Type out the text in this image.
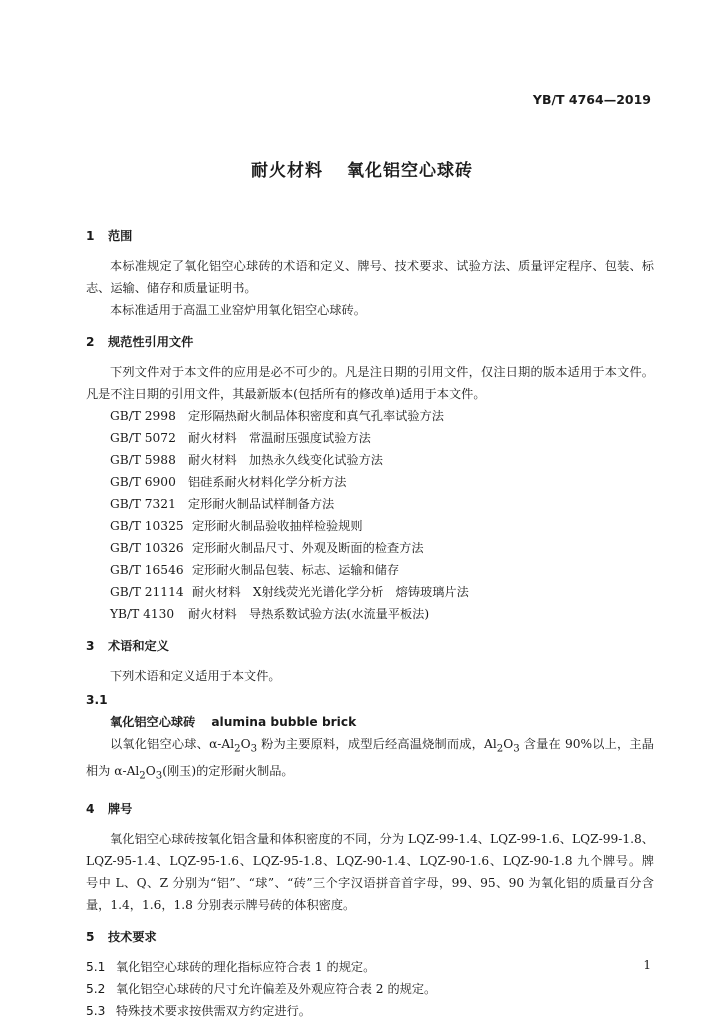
YB/T 4764—2019
耐火材料 氧化铝空心球砖
1 范围
本标准规定了氧化铝空心球砖的术语和定义、牌号、技术要求、试验方法、质量评定程序、包装、标志、运输、储存和质量证明书。
本标准适用于高温工业窑炉用氧化铝空心球砖。
2 规范性引用文件
下列文件对于本文件的应用是必不可少的。凡是注日期的引用文件，仅注日期的版本适用于本文件。凡是不注日期的引用文件，其最新版本(包括所有的修改单)适用于本文件。
GB/T 2998 定形隔热耐火制品体积密度和真气孔率试验方法
GB/T 5072 耐火材料　常温耐压强度试验方法
GB/T 5988 耐火材料　加热永久线变化试验方法
GB/T 6900 铝硅系耐火材料化学分析方法
GB/T 7321 定形耐火制品试样制备方法
GB/T 10325 定形耐火制品验收抽样检验规则
GB/T 10326 定形耐火制品尺寸、外观及断面的检查方法
GB/T 16546 定形耐火制品包装、标志、运输和储存
GB/T 21114 耐火材料　X射线荧光光谱化学分析　熔铸玻璃片法
YB/T 4130 耐火材料　导热系数试验方法(水流量平板法)
3 术语和定义
下列术语和定义适用于本文件。
3.1
氧化铝空心球砖 alumina bubble brick
以氧化铝空心球、$\alpha-Al_2O_3$ 粉为主要原料，成型后经高温烧制而成，$Al_2O_3$ 含量在 90%以上，主晶相为 $\alpha-Al_2O_3$(刚玉)的定形耐火制品。
4 牌号
氧化铝空心球砖按氧化铝含量和体积密度的不同，分为 LQZ-99-1.4、LQZ-99-1.6、LQZ-99-1.8、LQZ-95-1.4、LQZ-95-1.6、LQZ-95-1.8、LQZ-90-1.4、LQZ-90-1.6、LQZ-90-1.8 九个牌号。牌号中 L、Q、Z 分别为“铝”、“球”、“砖”三个字汉语拼音首字母，99、95、90 为氧化铝的质量百分含量，1.4，1.6，1.8 分别表示牌号砖的体积密度。
5 技术要求
5.1 氧化铝空心球砖的理化指标应符合表 1 的规定。
5.2 氧化铝空心球砖的尺寸允许偏差及外观应符合表 2 的规定。
5.3 特殊技术要求按供需双方约定进行。
1
